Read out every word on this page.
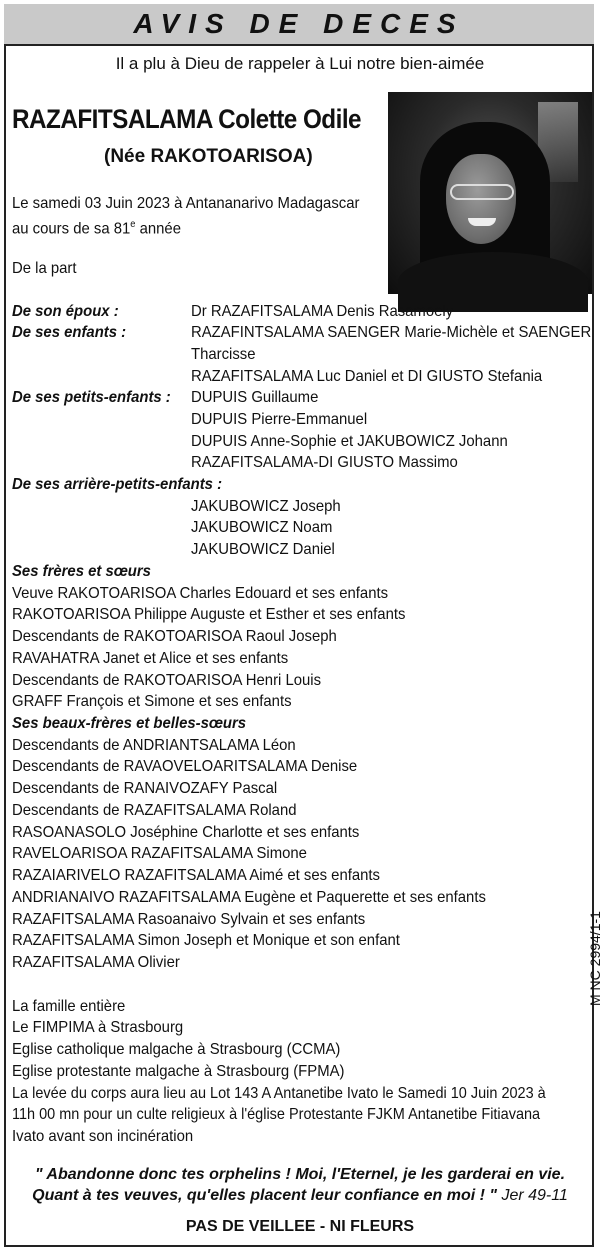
AVIS DE DECES
Il a plu à Dieu de rappeler à Lui notre bien-aimée
RAZAFITSALAMA Colette Odile
(Née RAKOTOARISOA)
Le samedi 03 Juin 2023 à Antananarivo Madagascar
au cours de sa 81e année
De la part
De son époux :	Dr RAZAFITSALAMA Denis Rasamoely
De ses enfants :	RAZAFINTSALAMA SAENGER Marie-Michèle et SAENGER
Tharcisse
RAZAFITSALAMA Luc Daniel et DI GIUSTO Stefania
De ses petits-enfants : DUPUIS Guillaume
DUPUIS Pierre-Emmanuel
DUPUIS Anne-Sophie et JAKUBOWICZ Johann
RAZAFITSALAMA-DI GIUSTO Massimo
De ses arrière-petits-enfants :
JAKUBOWICZ Joseph
JAKUBOWICZ Noam
JAKUBOWICZ Daniel
Ses frères et sœurs
Veuve RAKOTOARISOA Charles Edouard et ses enfants
RAKOTOARISOA Philippe Auguste et Esther et ses enfants
Descendants de RAKOTOARISOA Raoul Joseph
RAVAHATRA Janet et Alice et ses enfants
Descendants de RAKOTOARISOA Henri Louis
GRAFF François et Simone et ses enfants
Ses beaux-frères et belles-sœurs
Descendants de ANDRIANTSALAMA Léon
Descendants de RAVAOVELOARITSALAMA Denise
Descendants de RANAIVOZAFY Pascal
Descendants de RAZAFITSALAMA Roland
RASOANASOLO Joséphine Charlotte et ses enfants
RAVELOARISOA RAZAFITSALAMA Simone
RAZAIARIVELO RAZAFITSALAMA Aimé et ses enfants
ANDRIANAIVO RAZAFITSALAMA Eugène et Paquerette et ses enfants
RAZAFITSALAMA Rasoanaivo Sylvain et ses enfants
RAZAFITSALAMA Simon Joseph et Monique et son enfant
RAZAFITSALAMA Olivier
La famille entière
Le FIMPIMA à Strasbourg
Eglise catholique malgache à Strasbourg (CCMA)
Eglise protestante malgache à Strasbourg (FPMA)
La levée du corps aura lieu au Lot 143 A Antanetibe Ivato le Samedi 10 Juin 2023 à
11h 00 mn pour un culte religieux à l'église Protestante FJKM Antanetibe Fitiavana
Ivato avant son incinération
" Abandonne donc tes orphelins ! Moi, l'Eternel, je les garderai en vie.
Quant à tes veuves, qu'elles placent leur confiance en moi ! " Jer 49-11
PAS DE VEILLEE - NI FLEURS
M NC 2994/1-1
